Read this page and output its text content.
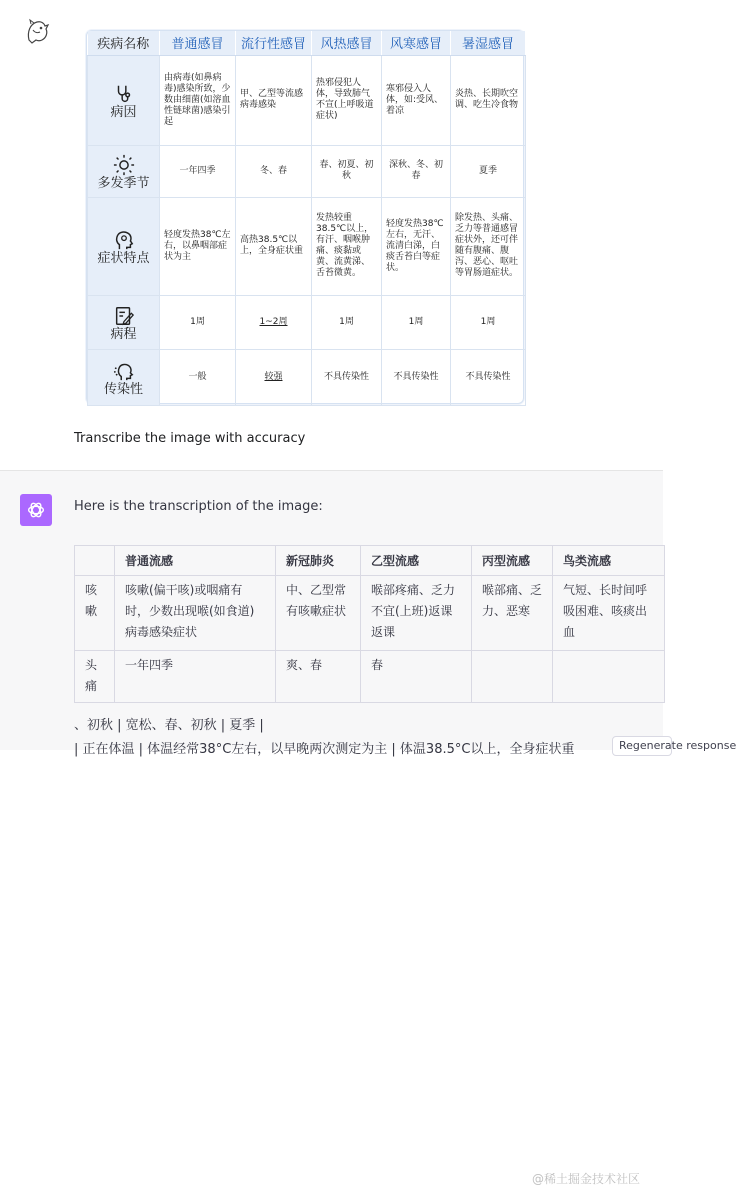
疾病名称	普通感冒	流行性感冒	风热感冒	风寒感冒	暑湿感冒

病因	由病毒(如鼻病毒)感染所致，少数由细菌(如溶血性链球菌)感染引起	甲、乙型等流感病毒感染	热邪侵犯人体，导致肺气不宣(上呼吸道症状)	寒邪侵入人体，如:受风、着凉	炎热、长期吹空调、吃生冷食物

多发季节	一年四季	冬、春	春、初夏、初秋	深秋、冬、初春	夏季

症状特点	轻度发热38℃左右，以鼻咽部症状为主	高热38.5℃以上，全身症状重	发热较重38.5℃以上，有汗、咽喉肿痛、痰黏或黄、流黄涕、舌苔微黄。	轻度发热38℃左右，无汗、流清白涕，白痰舌苔白等症状。	除发热、头痛、乏力等普通感冒症状外，还可伴随有腹痛、腹泻、恶心、呕吐等胃肠道症状。

病程	1周	1~2周	1周	1周	1周

传染性	一般	较强	不具传染性	不具传染性	不具传染性
Transcribe the image with accuracy
Here is the transcription of the image:
	普通流感	新冠肺炎	乙型流感	丙型流感	鸟类流感
咳嗽	咳嗽(偏干咳)或咽痛有时，少数出现喉(如食道)病毒感染症状	中、乙型常有咳嗽症状	喉部疼痛、乏力不宜(上班)返课返课	喉部痛、乏力、恶寒	气短、长时间呼吸困难、咳痰出血
头痛	一年四季	爽、春	春		
@稀土掘金技术社区
、初秋 | 宽松、春、初秋 | 夏季 |
| 正在体温 | 体温经常38°C左右，以早晚两次测定为主 | 体温38.5°C以上，全身症状重	Regenerate response
